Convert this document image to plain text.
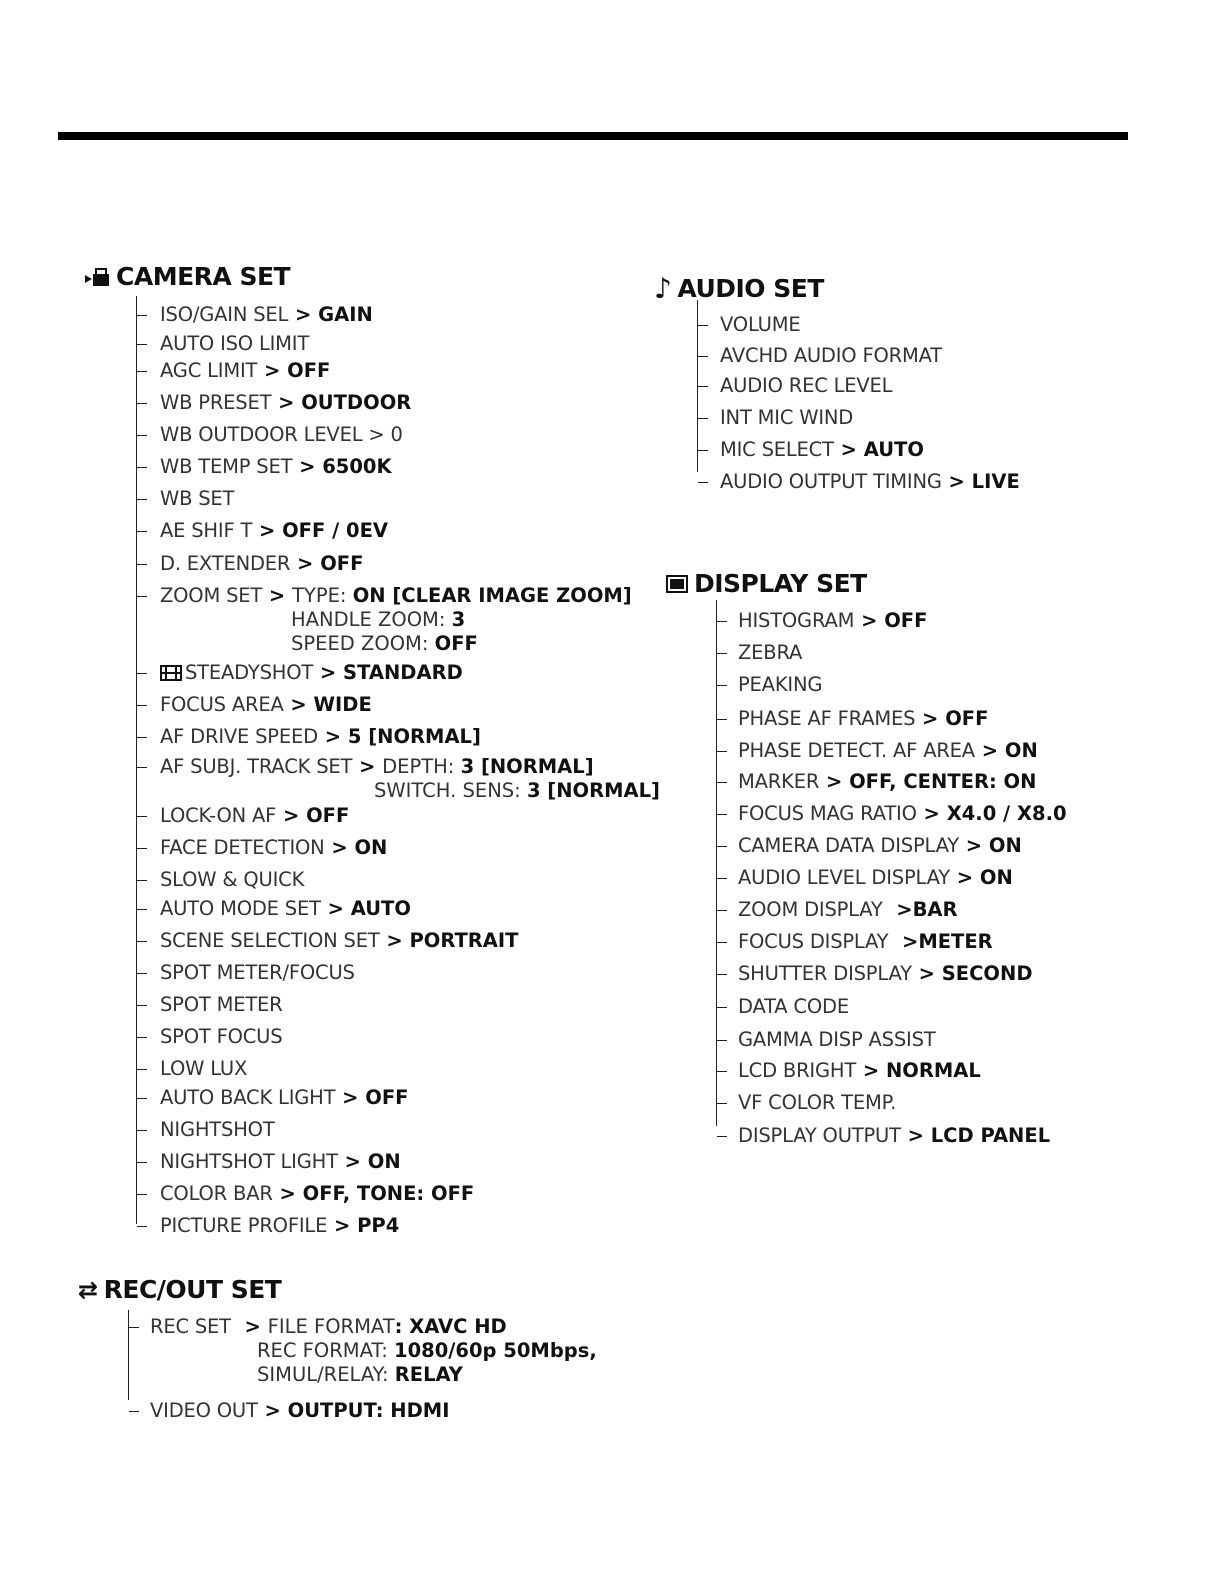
CAMERA SET
ISO/GAIN SEL > GAIN
AUTO ISO LIMIT
AGC LIMIT > OFF
WB PRESET > OUTDOOR
WB OUTDOOR LEVEL > 0
WB TEMP SET > 6500K
WB SET
AE SHIF T > OFF / 0EV
D. EXTENDER > OFF
ZOOM SET > TYPE: ON [CLEAR IMAGE ZOOM]
STEADYSHOT > STANDARD
FOCUS AREA > WIDE
AF DRIVE SPEED > 5 [NORMAL]
AF SUBJ. TRACK SET > DEPTH: 3 [NORMAL]
LOCK-ON AF > OFF
FACE DETECTION > ON
SLOW & QUICK
AUTO MODE SET > AUTO
SCENE SELECTION SET > PORTRAIT
SPOT METER/FOCUS
SPOT METER
SPOT FOCUS
LOW LUX
AUTO BACK LIGHT > OFF
NIGHTSHOT
NIGHTSHOT LIGHT > ON
COLOR BAR > OFF, TONE: OFF
PICTURE PROFILE > PP4
HANDLE ZOOM: 3
SPEED ZOOM: OFF
SWITCH. SENS: 3 [NORMAL]
♪ AUDIO SET
VOLUME
AVCHD AUDIO FORMAT
AUDIO REC LEVEL
INT MIC WIND
MIC SELECT > AUTO
AUDIO OUTPUT TIMING > LIVE
DISPLAY SET
HISTOGRAM > OFF
ZEBRA
PEAKING
PHASE AF FRAMES > OFF
PHASE DETECT. AF AREA > ON
MARKER > OFF, CENTER: ON
FOCUS MAG RATIO > X4.0 / X8.0
CAMERA DATA DISPLAY > ON
AUDIO LEVEL DISPLAY > ON
ZOOM DISPLAY  >BAR
FOCUS DISPLAY  >METER
SHUTTER DISPLAY > SECOND
DATA CODE
GAMMA DISP ASSIST
LCD BRIGHT > NORMAL
VF COLOR TEMP.
DISPLAY OUTPUT > LCD PANEL
⇄ REC/OUT SET
REC SET  > FILE FORMAT: XAVC HD
REC FORMAT: 1080/60p 50Mbps,
SIMUL/RELAY: RELAY
VIDEO OUT > OUTPUT: HDMI
